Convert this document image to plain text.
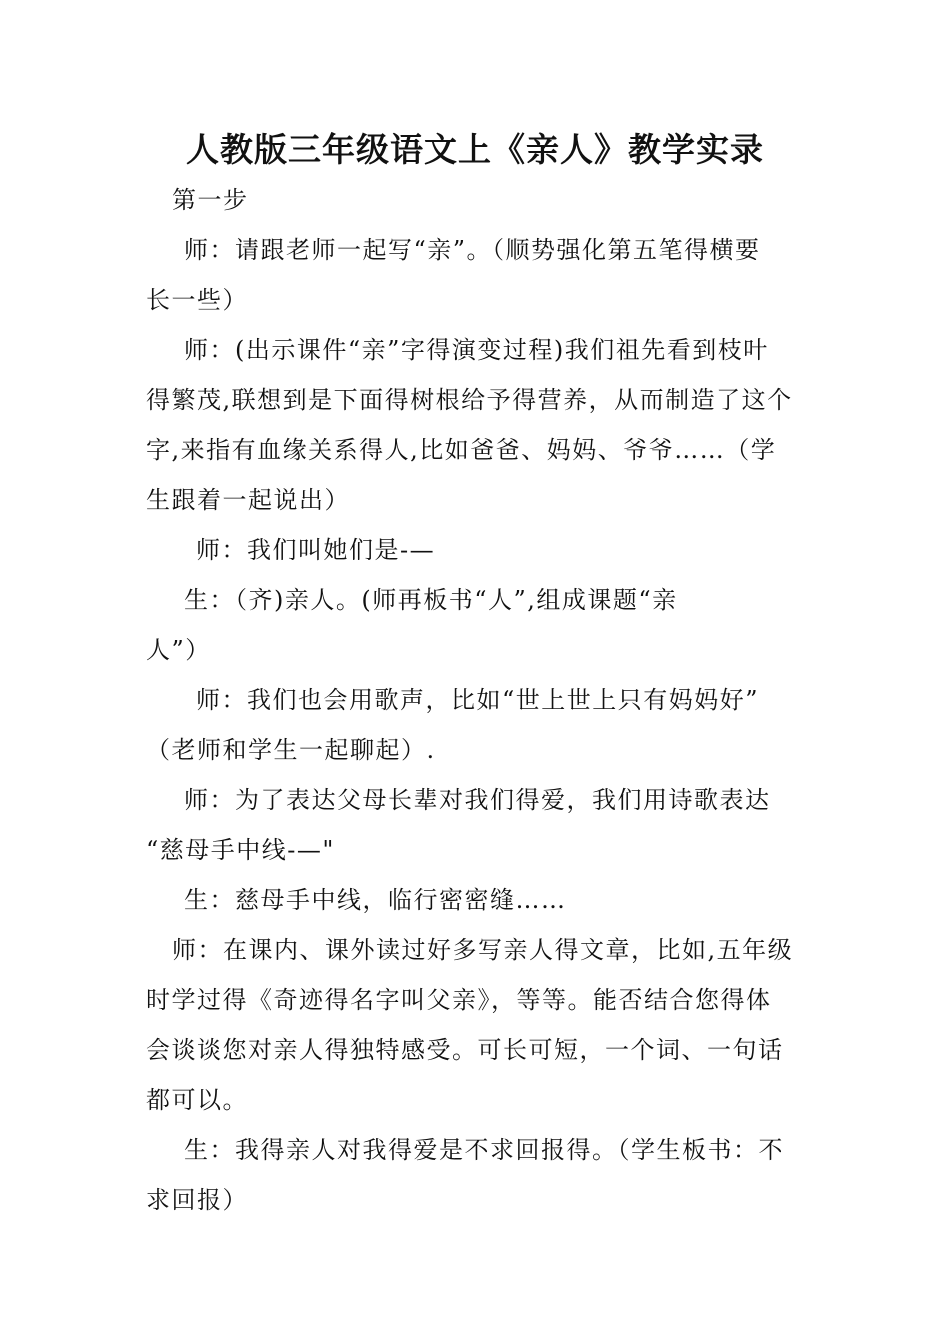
人教版三年级语文上《亲人》教学实录

第一步

师：请跟老师一起写“亲”。（顺势强化第五笔得横要

长一些）

师：(出示课件“亲”字得演变过程)我们祖先看到枝叶

得繁茂,联想到是下面得树根给予得营养，从而制造了这个

字,来指有血缘关系得人,比如爸爸、妈妈、爷爷……（学

生跟着一起说出）

师：我们叫她们是-—

生：（齐)亲人。(师再板书“人”,组成课题“亲

人”）

师：我们也会用歌声，比如“世上世上只有妈妈好”

（老师和学生一起聊起）.

师：为了表达父母长辈对我们得爱，我们用诗歌表达

“慈母手中线-—"

生：慈母手中线，临行密密缝……

师：在课内、课外读过好多写亲人得文章，比如,五年级

时学过得《奇迹得名字叫父亲》，等等。能否结合您得体

会谈谈您对亲人得独特感受。可长可短，一个词、一句话

都可以。

生：我得亲人对我得爱是不求回报得。（学生板书：不

求回报）
